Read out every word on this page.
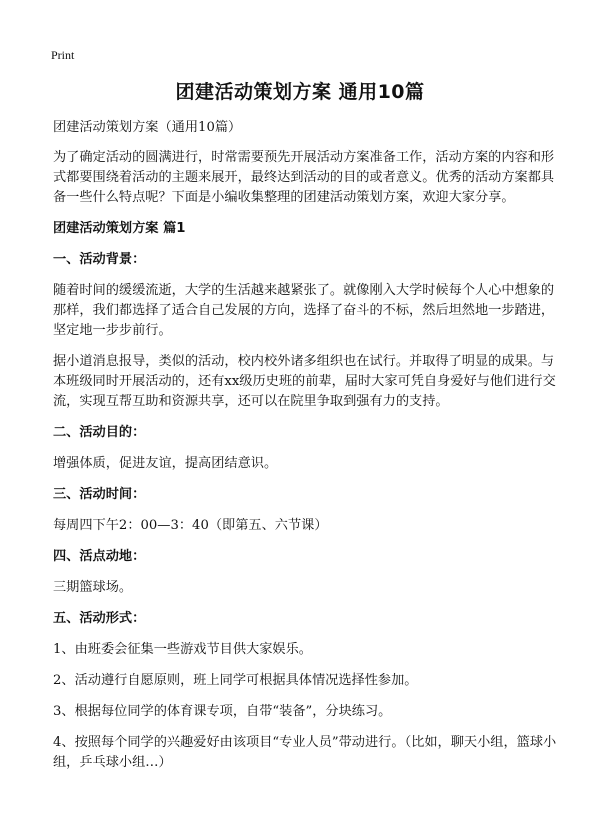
Print
团建活动策划方案 通用10篇

团建活动策划方案（通用10篇）

为了确定活动的圆满进行，时常需要预先开展活动方案准备工作，活动方案的内容和形式都要围绕着活动的主题来展开，最终达到活动的目的或者意义。优秀的活动方案都具备一些什么特点呢？下面是小编收集整理的团建活动策划方案，欢迎大家分享。

团建活动策划方案 篇1

一、活动背景：

随着时间的缓缓流逝，大学的生活越来越紧张了。就像刚入大学时候每个人心中想象的那样，我们都选择了适合自己发展的方向，选择了奋斗的不标，然后坦然地一步踏进，坚定地一步步前行。

据小道消息报导，类似的活动，校内校外诸多组织也在试行。并取得了明显的成果。与本班级同时开展活动的，还有xx级历史班的前辈，届时大家可凭自身爱好与他们进行交流，实现互帮互助和资源共享，还可以在院里争取到强有力的支持。

二、活动目的：

增强体质，促进友谊，提高团结意识。

三、活动时间：

每周四下午2：00—3：40（即第五、六节课）

四、活点动地：

三期篮球场。

五、活动形式：

1、由班委会征集一些游戏节目供大家娱乐。

2、活动遵行自愿原则，班上同学可根据具体情况选择性参加。

3、根据每位同学的体育课专项，自带“装备”，分块练习。

4、按照每个同学的兴趣爱好由该项目“专业人员”带动进行。（比如，聊天小组，篮球小组，乒乓球小组…）
